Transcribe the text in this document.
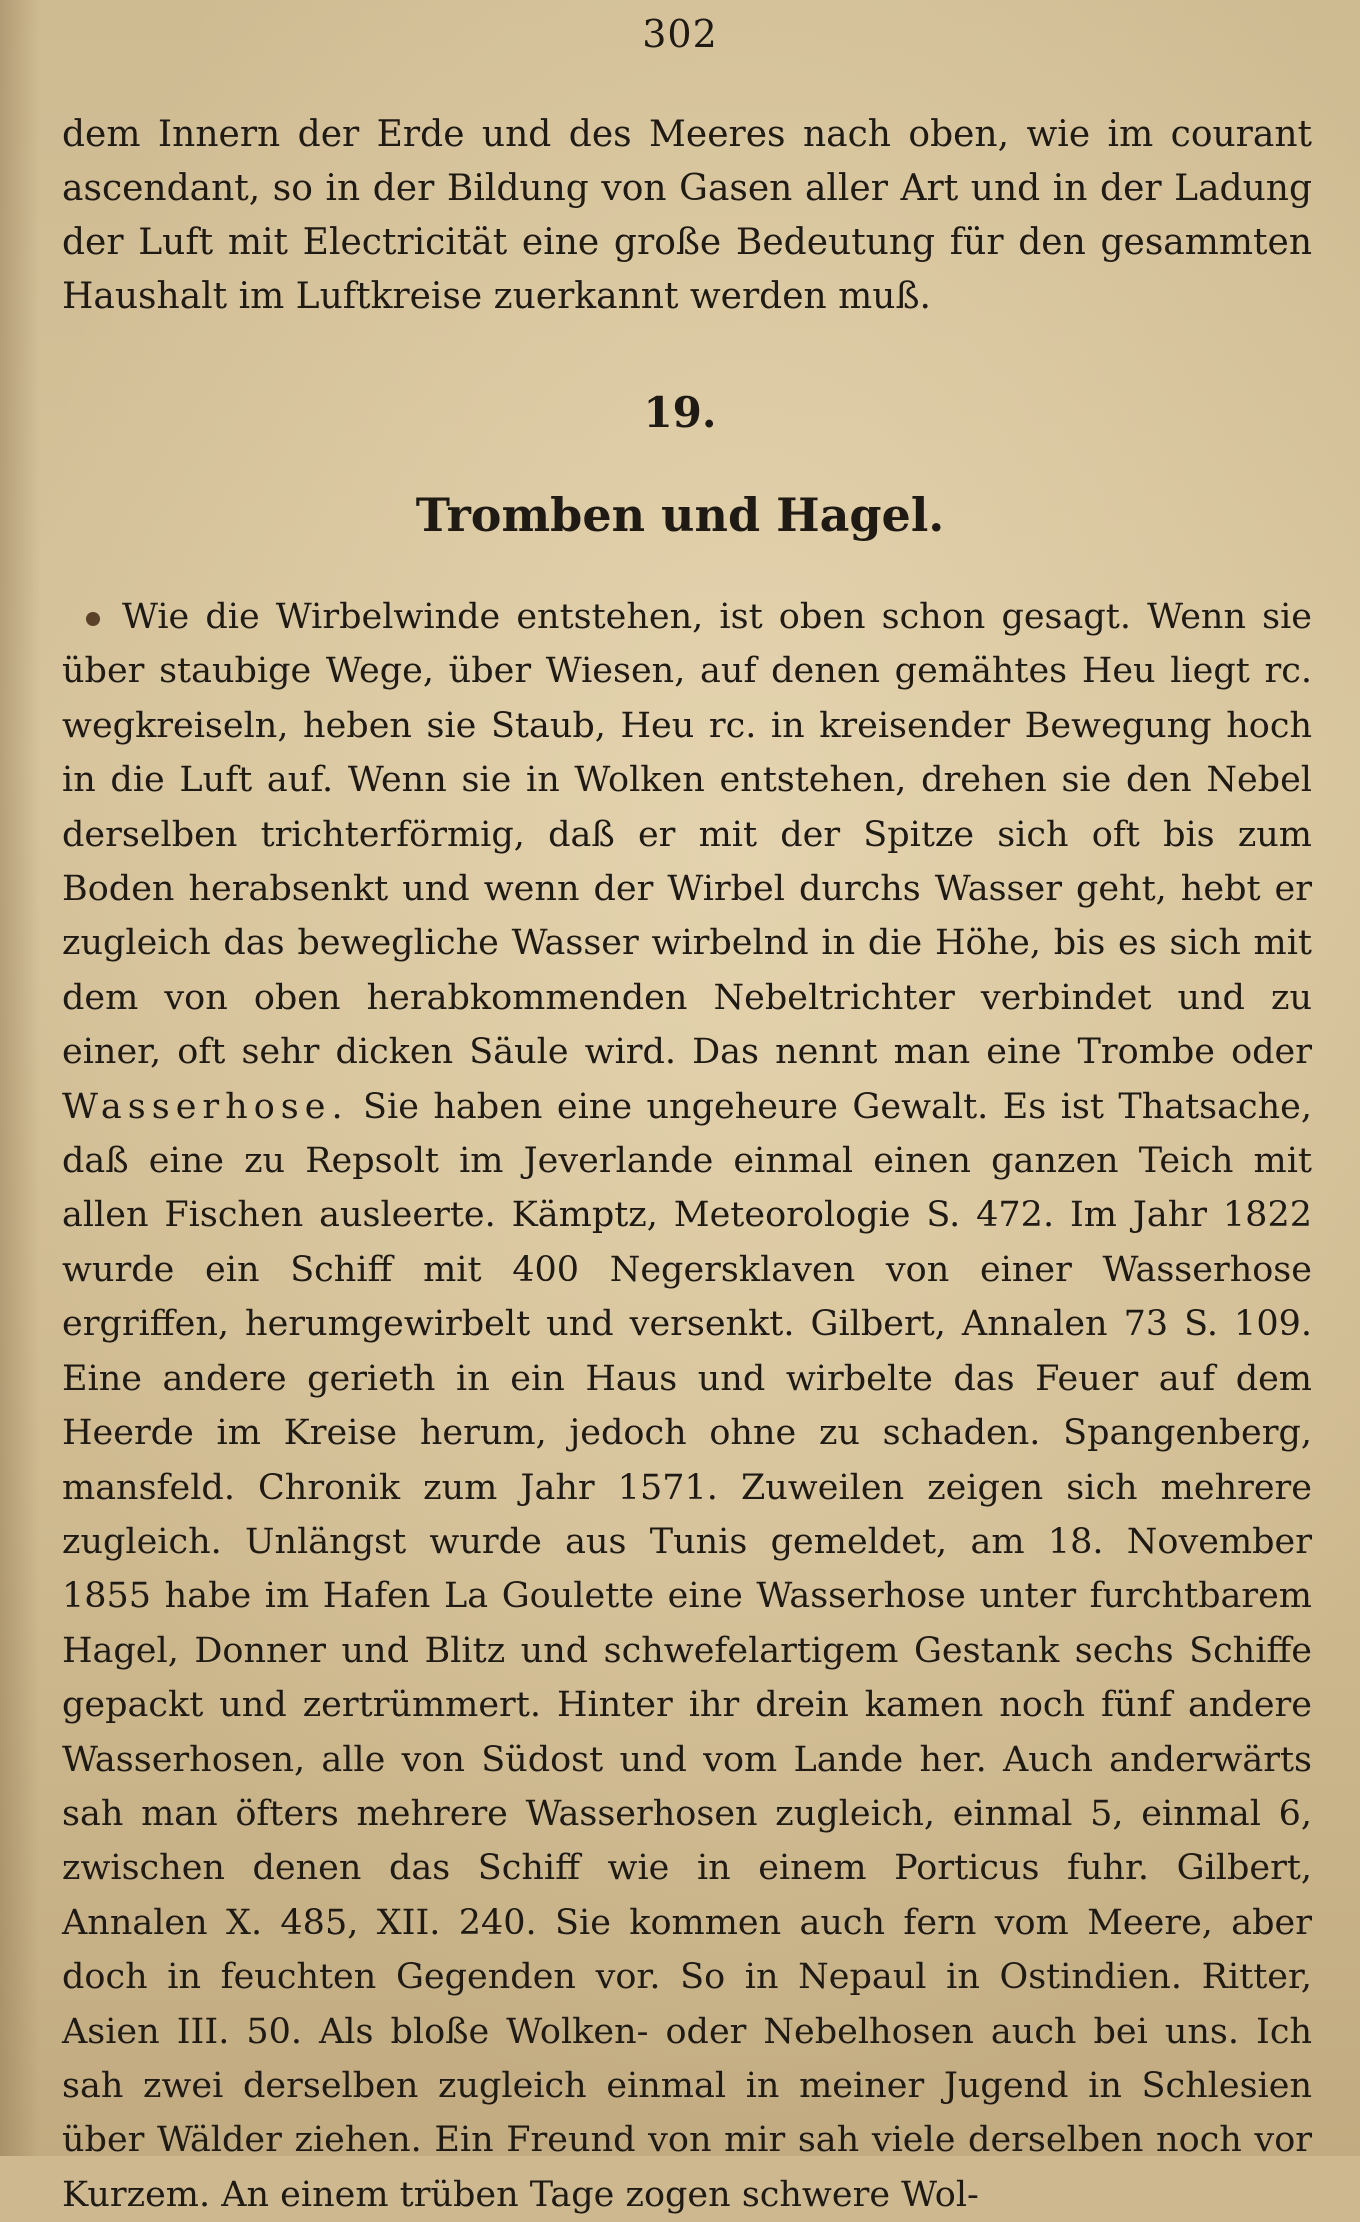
302

dem Innern der Erde und des Meeres nach oben, wie im courant ascendant, so in der Bildung von Gasen aller Art und in der Ladung der Luft mit Electricität eine große Bedeutung für den gesammten Haushalt im Luftkreise zuerkannt werden muß.

19.
Tromben und Hagel.

Wie die Wirbelwinde entstehen, ist oben schon gesagt. Wenn sie über staubige Wege, über Wiesen, auf denen gemähtes Heu liegt rc. wegkreiseln, heben sie Staub, Heu rc. in kreisender Bewegung hoch in die Luft auf. Wenn sie in Wolken entstehen, drehen sie den Nebel derselben trichterförmig, daß er mit der Spitze sich oft bis zum Boden herabsenkt und wenn der Wirbel durchs Wasser geht, hebt er zugleich das bewegliche Wasser wirbelnd in die Höhe, bis es sich mit dem von oben herabkommenden Nebeltrichter verbindet und zu einer, oft sehr dicken Säule wird. Das nennt man eine Trombe oder Wasserhose. Sie haben eine ungeheure Gewalt. Es ist Thatsache, daß eine zu Repsolt im Jeverlande einmal einen ganzen Teich mit allen Fischen ausleerte. Kämptz, Meteorologie S. 472. Im Jahr 1822 wurde ein Schiff mit 400 Negersklaven von einer Wasserhose ergriffen, herumgewirbelt und versenkt. Gilbert, Annalen 73 S. 109. Eine andere gerieth in ein Haus und wirbelte das Feuer auf dem Heerde im Kreise herum, jedoch ohne zu schaden. Spangenberg, mansfeld. Chronik zum Jahr 1571. Zuweilen zeigen sich mehrere zugleich. Unlängst wurde aus Tunis gemeldet, am 18. November 1855 habe im Hafen La Goulette eine Wasserhose unter furchtbarem Hagel, Donner und Blitz und schwefelartigem Gestank sechs Schiffe gepackt und zertrümmert. Hinter ihr drein kamen noch fünf andere Wasserhosen, alle von Südost und vom Lande her. Auch anderwärts sah man öfters mehrere Wasserhosen zugleich, einmal 5, einmal 6, zwischen denen das Schiff wie in einem Porticus fuhr. Gilbert, Annalen X. 485, XII. 240. Sie kommen auch fern vom Meere, aber doch in feuchten Gegenden vor. So in Nepaul in Ostindien. Ritter, Asien III. 50. Als bloße Wolken- oder Nebelhosen auch bei uns. Ich sah zwei derselben zugleich einmal in meiner Jugend in Schlesien über Wälder ziehen. Ein Freund von mir sah viele derselben noch vor Kurzem. An einem trüben Tage zogen schwere Wol-
